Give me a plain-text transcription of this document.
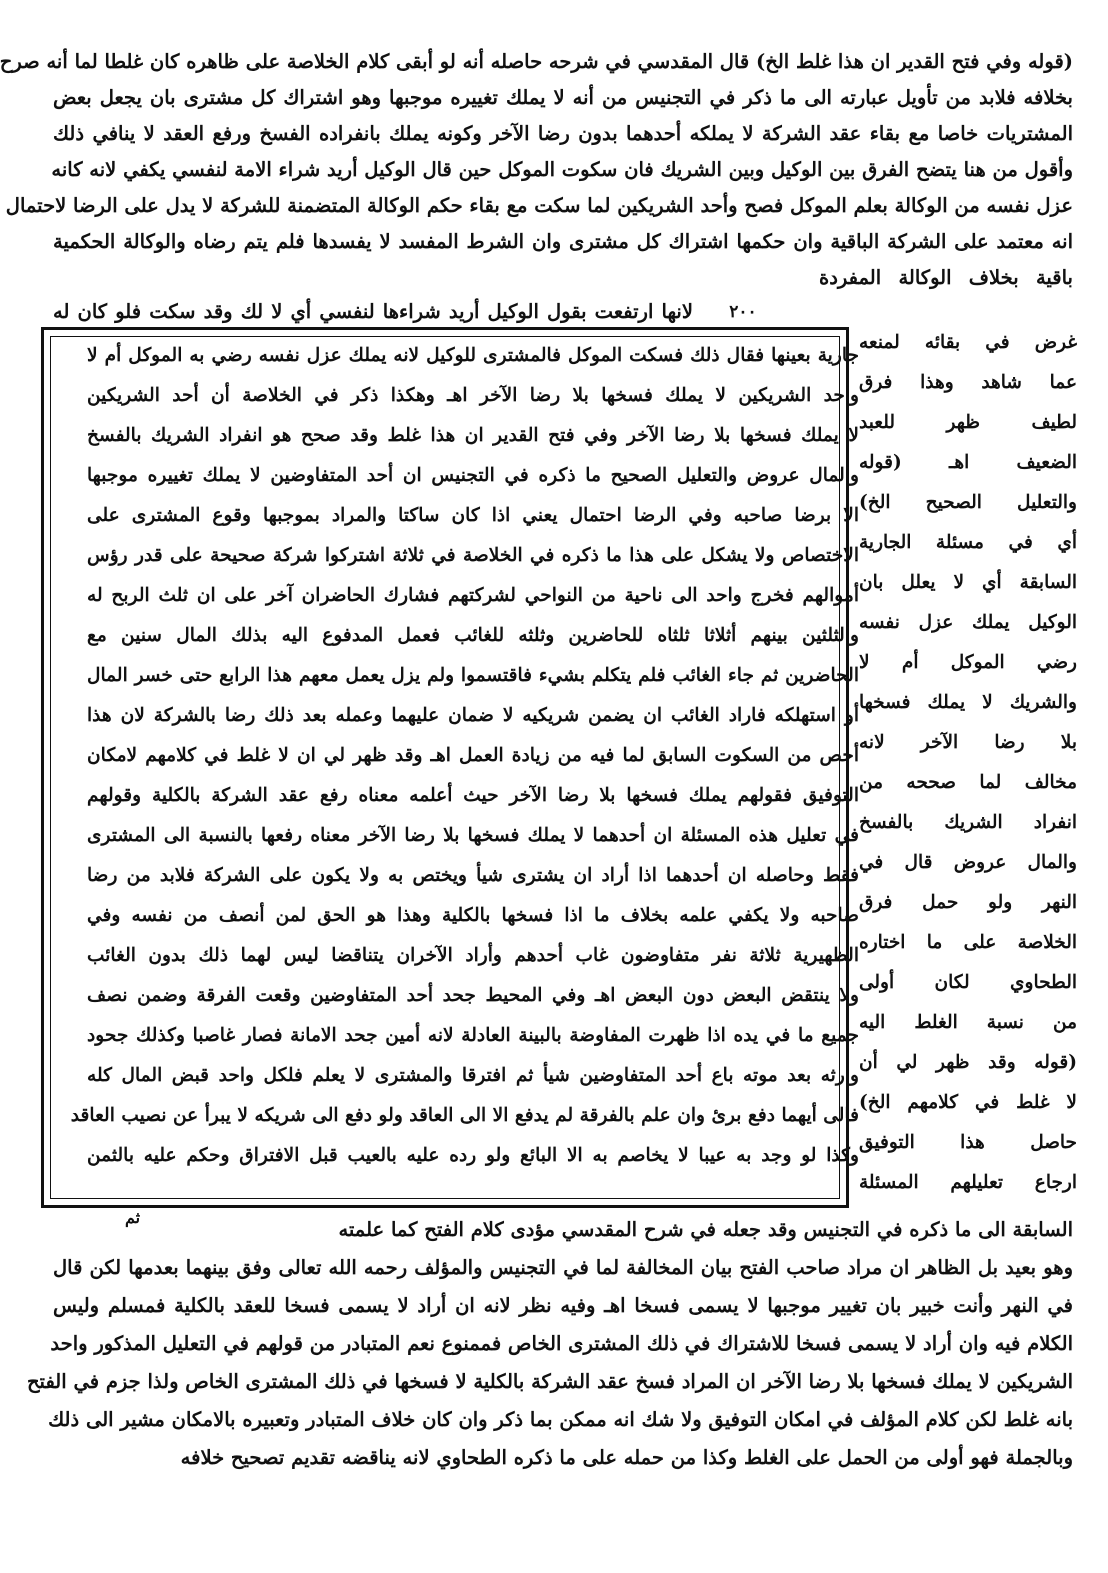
(قوله وفي فتح القدير ان هذا غلط الخ) قال المقدسي في شرحه حاصله أنه لو أبقى كلام الخلاصة على ظاهره كان غلطا لما أنه صرح
بخلافه فلابد من تأويل عبارته الى ما ذكر في التجنيس من أنه لا يملك تغييره موجبها وهو اشتراك كل مشترى بان يجعل بعض
المشتريات خاصا مع بقاء عقد الشركة لا يملكه أحدهما بدون رضا الآخر وكونه يملك بانفراده الفسخ ورفع العقد لا ينافي ذلك
وأقول من هنا يتضح الفرق بين الوكيل وبين الشريك فان سكوت الموكل حين قال الوكيل أريد شراء الامة لنفسي يكفي لانه كانه
عزل نفسه من الوكالة بعلم الموكل فصح وأحد الشريكين لما سكت مع بقاء حكم الوكالة المتضمنة للشركة لا يدل على الرضا لاحتمال
انه معتمد على الشركة الباقية وان حكمها اشتراك كل مشترى وان الشرط المفسد لا يفسدها فلم يتم رضاه والوكالة الحكمية
باقية بخلاف الوكالة المفردة
٢٠٠
لانها ارتفعت بقول الوكيل أريد شراءها لنفسي أي لا لك وقد سكت فلو كان له
جارية بعينها فقال ذلك فسكت الموكل فالمشترى للوكيل لانه يملك عزل نفسه رضي به الموكل أم لا
واحد الشريكين لا يملك فسخها بلا رضا الآخر اهـ وهكذا ذكر في الخلاصة أن أحد الشريكين
لا يملك فسخها بلا رضا الآخر وفي فتح القدير ان هذا غلط وقد صحح هو انفراد الشريك بالفسخ
والمال عروض والتعليل الصحيح ما ذكره في التجنيس ان أحد المتفاوضين لا يملك تغييره موجبها
الا برضا صاحبه وفي الرضا احتمال يعني اذا كان ساكتا والمراد بموجبها وقوع المشترى على
الاختصاص ولا يشكل على هذا ما ذكره في الخلاصة في ثلاثة اشتركوا شركة صحيحة على قدر رؤس
أموالهم فخرج واحد الى ناحية من النواحي لشركتهم فشارك الحاضران آخر على ان ثلث الربح له
والثلثين بينهم أثلاثا ثلثاه للحاضرين وثلثه للغائب فعمل المدفوع اليه بذلك المال سنين مع
الحاضرين ثم جاء الغائب فلم يتكلم بشيء فاقتسموا ولم يزل يعمل معهم هذا الرابع حتى خسر المال
أو استهلكه فاراد الغائب ان يضمن شريكيه لا ضمان عليهما وعمله بعد ذلك رضا بالشركة لان هذا
أخص من السكوت السابق لما فيه من زيادة العمل اهـ وقد ظهر لي ان لا غلط في كلامهم لامكان
التوفيق فقولهم يملك فسخها بلا رضا الآخر حيث أعلمه معناه رفع عقد الشركة بالكلية وقولهم
في تعليل هذه المسئلة ان أحدهما لا يملك فسخها بلا رضا الآخر معناه رفعها بالنسبة الى المشترى
فقط وحاصله ان أحدهما اذا أراد ان يشترى شيأ ويختص به ولا يكون على الشركة فلابد من رضا
صاحبه ولا يكفي علمه بخلاف ما اذا فسخها بالكلية وهذا هو الحق لمن أنصف من نفسه وفي
الظهيرية ثلاثة نفر متفاوضون غاب أحدهم وأراد الآخران يتناقضا ليس لهما ذلك بدون الغائب
ولا ينتقض البعض دون البعض اهـ وفي المحيط جحد أحد المتفاوضين وقعت الفرقة وضمن نصف
جميع ما في يده اذا ظهرت المفاوضة بالبينة العادلة لانه أمين جحد الامانة فصار غاصبا وكذلك جحود
وارثه بعد موته باع أحد المتفاوضين شيأ ثم افترقا والمشترى لا يعلم فلكل واحد قبض المال كله
فالى أيهما دفع برئ وان علم بالفرقة لم يدفع الا الى العاقد ولو دفع الى شريكه لا يبرأ عن نصيب العاقد
وكذا لو وجد به عيبا لا يخاصم به الا البائع ولو رده عليه بالعيب قبل الافتراق وحكم عليه بالثمن
غرض في بقائه لمنعه
عما شاهد وهذا فرق
لطيف ظهر للعبد
الضعيف اهـ (قوله
والتعليل الصحيح الخ)
أي في مسئلة الجارية
السابقة أي لا يعلل بان
الوكيل يملك عزل نفسه
رضي الموكل أم لا
والشريك لا يملك فسخها
بلا رضا الآخر لانه
مخالف لما صححه من
انفراد الشريك بالفسخ
والمال عروض قال في
النهر ولو حمل فرق
الخلاصة على ما اختاره
الطحاوي لكان أولى
من نسبة الغلط اليه
(قوله وقد ظهر لي أن
لا غلط في كلامهم الخ)
حاصل هذا التوفيق
ارجاع تعليلهم المسئلة
ثم
السابقة الى ما ذكره في التجنيس وقد جعله في شرح المقدسي مؤدى كلام الفتح كما علمته
وهو بعيد بل الظاهر ان مراد صاحب الفتح بيان المخالفة لما في التجنيس والمؤلف رحمه الله تعالى وفق بينهما بعدمها لكن قال
في النهر وأنت خبير بان تغيير موجبها لا يسمى فسخا اهـ وفيه نظر لانه ان أراد لا يسمى فسخا للعقد بالكلية فمسلم وليس
الكلام فيه وان أراد لا يسمى فسخا للاشتراك في ذلك المشترى الخاص فممنوع نعم المتبادر من قولهم في التعليل المذكور واحد
الشريكين لا يملك فسخها بلا رضا الآخر ان المراد فسخ عقد الشركة بالكلية لا فسخها في ذلك المشترى الخاص ولذا جزم في الفتح
بانه غلط لكن كلام المؤلف في امكان التوفيق ولا شك انه ممكن بما ذكر وان كان خلاف المتبادر وتعبيره بالامكان مشير الى ذلك
وبالجملة فهو أولى من الحمل على الغلط وكذا من حمله على ما ذكره الطحاوي لانه يناقضه تقديم تصحيح خلافه
